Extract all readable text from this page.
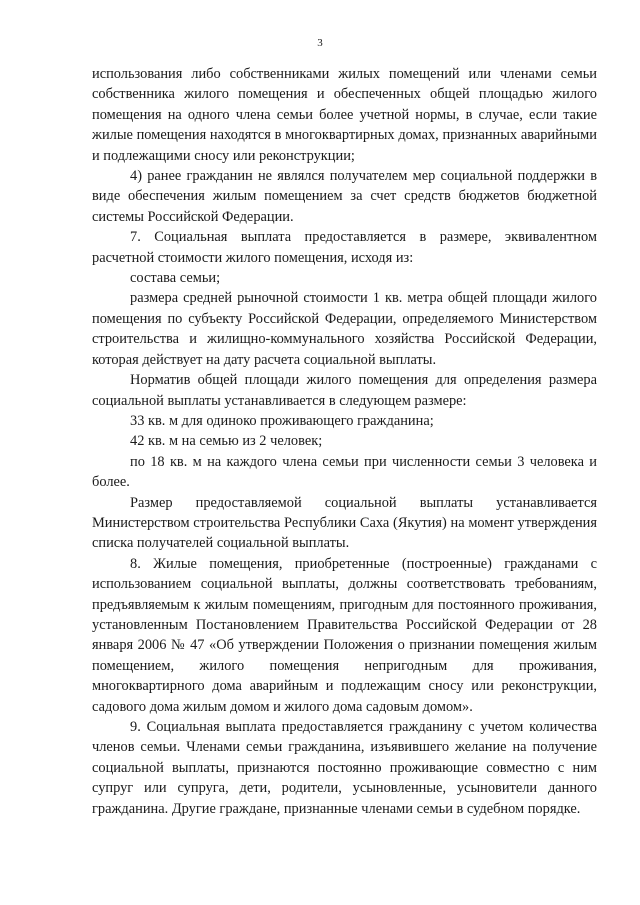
3

использования либо собственниками жилых помещений или членами семьи собственника жилого помещения и обеспеченных общей площадью жилого помещения на одного члена семьи более учетной нормы, в случае, если такие жилые помещения находятся в многоквартирных домах, признанных аварийными и подлежащими сносу или реконструкции;

4) ранее гражданин не являлся получателем мер социальной поддержки в виде обеспечения жилым помещением за счет средств бюджетов бюджетной системы Российской Федерации.

7. Социальная выплата предоставляется в размере, эквивалентном расчетной стоимости жилого помещения, исходя из:

состава семьи;

размера средней рыночной стоимости 1 кв. метра общей площади жилого помещения по субъекту Российской Федерации, определяемого Министерством строительства и жилищно-коммунального хозяйства Российской Федерации, которая действует на дату расчета социальной выплаты.

Норматив общей площади жилого помещения для определения размера социальной выплаты устанавливается в следующем размере:

33 кв. м для одиноко проживающего гражданина;

42 кв. м на семью из 2 человек;

по 18 кв. м на каждого члена семьи при численности семьи 3 человека и более.

Размер предоставляемой социальной выплаты устанавливается Министерством строительства Республики Саха (Якутия) на момент утверждения списка получателей социальной выплаты.

8. Жилые помещения, приобретенные (построенные) гражданами с использованием социальной выплаты, должны соответствовать требованиям, предъявляемым к жилым помещениям, пригодным для постоянного проживания, установленным Постановлением Правительства Российской Федерации от 28 января 2006 № 47 «Об утверждении Положения о признании помещения жилым помещением, жилого помещения непригодным для проживания, многоквартирного дома аварийным и подлежащим сносу или реконструкции, садового дома жилым домом и жилого дома садовым домом».

9. Социальная выплата предоставляется гражданину с учетом количества членов семьи. Членами семьи гражданина, изъявившего желание на получение социальной выплаты, признаются постоянно проживающие совместно с ним супруг или супруга, дети, родители, усыновленные, усыновители данного гражданина. Другие граждане, признанные членами семьи в судебном порядке.
